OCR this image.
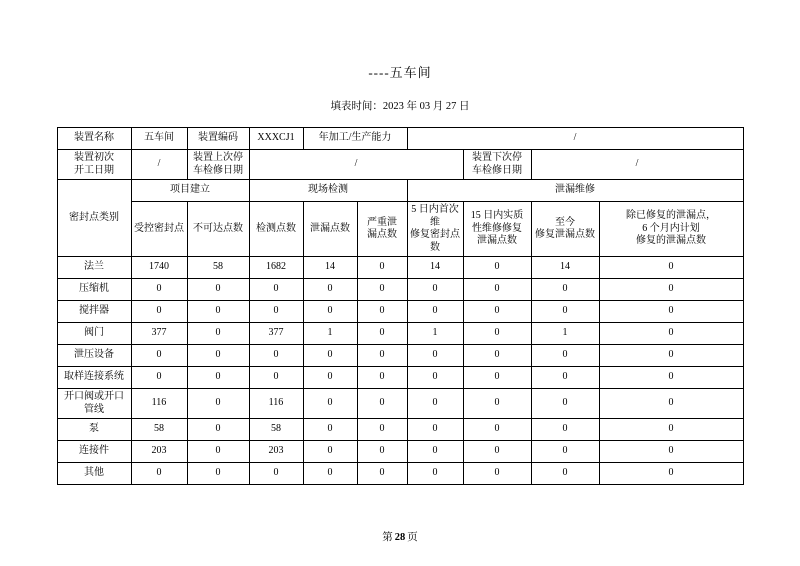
----五车间
填表时间：2023 年 03 月 27 日
装置名称	五车间	装置编码	XXXCJ1	年加工/生产能力		/			
装置初次
开工日期	/	装置上次停
车检修日期	/				装置下次停
车检修日期	/	
密封点类别	项目建立		现场检测			泄漏维修			
	受控密封点	不可达点数	检测点数	泄漏点数	严重泄
漏点数	5 日内首次维
修复密封点数	15 日内实质
性维修修复
泄漏点数	至今
修复泄漏点数	除已修复的泄漏点，
6 个月内计划
修复的泄漏点数
法兰	1740	58	1682	14	0	14	0	14	0
压缩机	0	0	0	0	0	0	0	0	0
搅拌器	0	0	0	0	0	0	0	0	0
阀门	377	0	377	1	0	1	0	1	0
泄压设备	0	0	0	0	0	0	0	0	0
取样连接系统	0	0	0	0	0	0	0	0	0
开口阀或开口
管线	116	0	116	0	0	0	0	0	0
泵	58	0	58	0	0	0	0	0	0
连接件	203	0	203	0	0	0	0	0	0
其他	0	0	0	0	0	0	0	0	0
第 28 页
